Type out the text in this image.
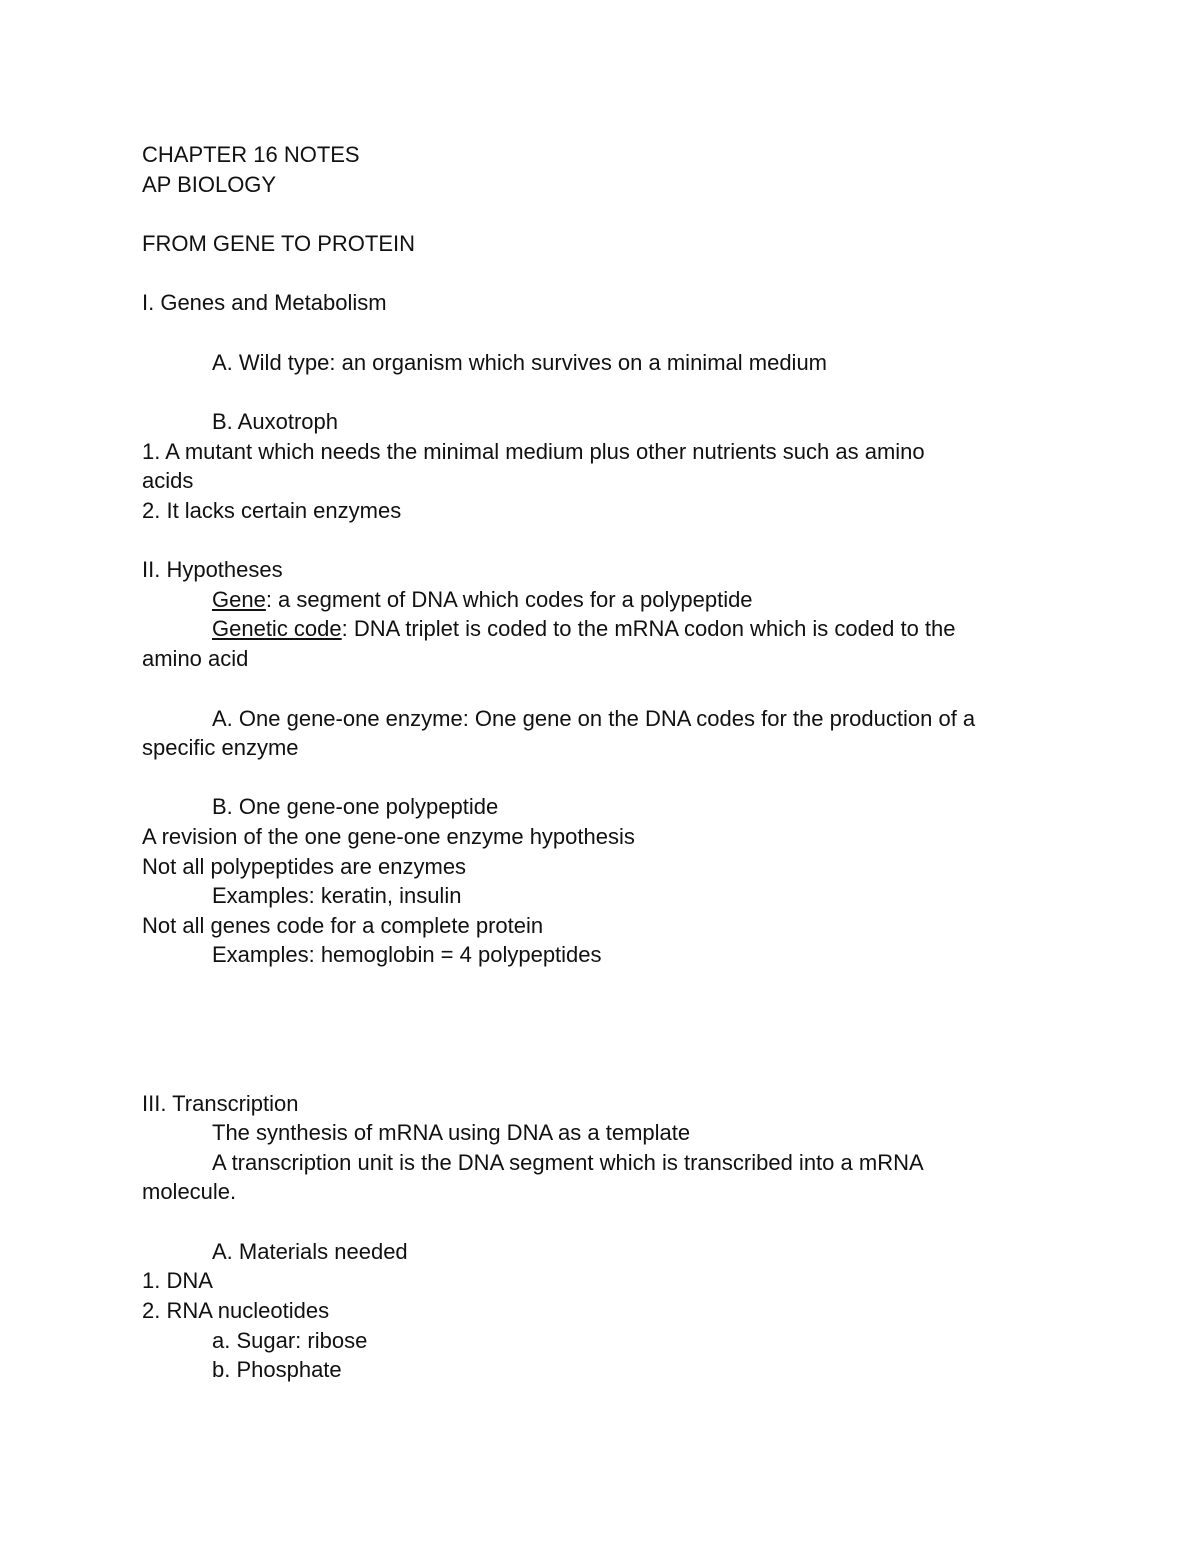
CHAPTER 16 NOTES

AP BIOLOGY

FROM GENE TO PROTEIN

I. Genes and Metabolism

A. Wild type: an organism which survives on a minimal medium

B. Auxotroph

1. A mutant which needs the minimal medium plus other nutrients such as amino

acids

2. It lacks certain enzymes

II. Hypotheses

Gene: a segment of DNA which codes for a polypeptide

Genetic code: DNA triplet is coded to the mRNA codon which is coded to the

amino acid

A. One gene-one enzyme: One gene on the DNA codes for the production of a

specific enzyme

B. One gene-one polypeptide

A revision of the one gene-one enzyme hypothesis

Not all polypeptides are enzymes

Examples: keratin, insulin

Not all genes code for a complete protein

Examples: hemoglobin = 4 polypeptides

III. Transcription

The synthesis of mRNA using DNA as a template

A transcription unit is the DNA segment which is transcribed into a mRNA

molecule.

A. Materials needed

1. DNA

2. RNA nucleotides

a. Sugar: ribose

b. Phosphate
